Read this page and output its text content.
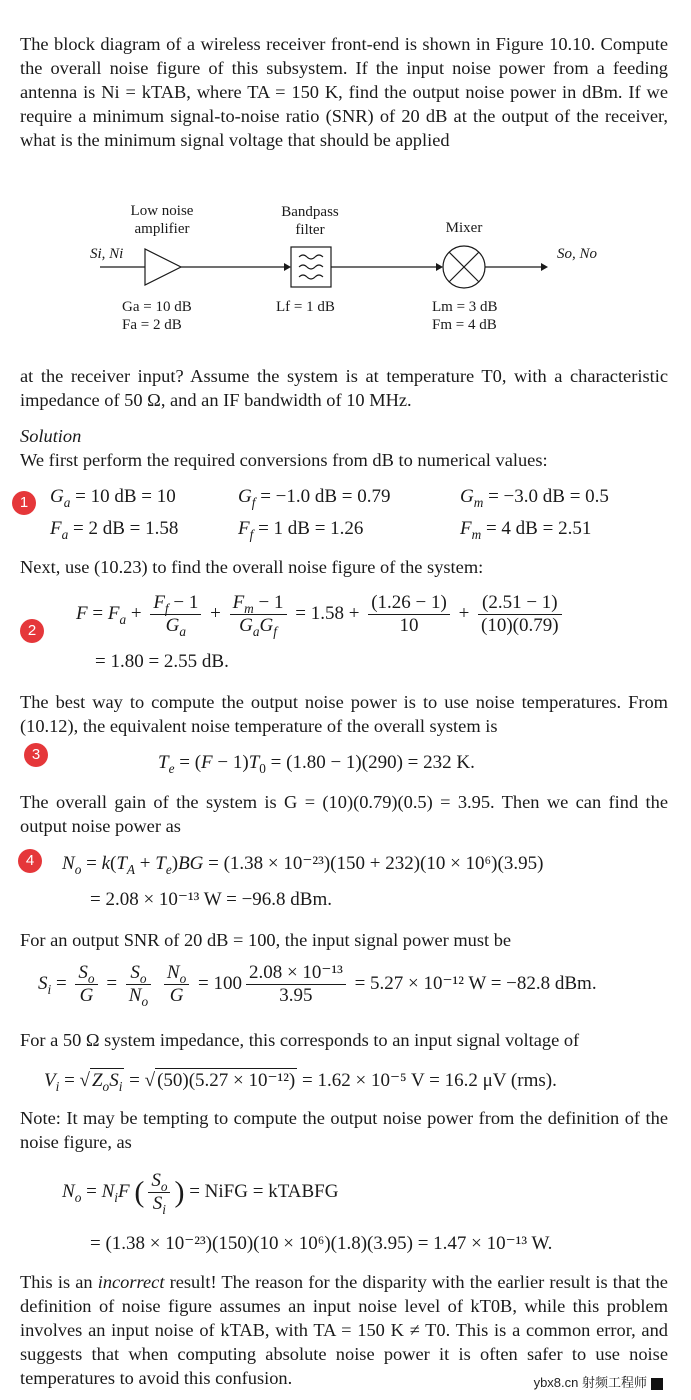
The block diagram of a wireless receiver front-end is shown in Figure 10.10. Compute the overall noise figure of this subsystem. If the input noise power from a feeding antenna is Ni = kTAB, where TA = 150 K, find the output noise power in dBm. If we require a minimum signal-to-noise ratio (SNR) of 20 dB at the output of the receiver, what is the minimum signal voltage that should be applied
Low noise
amplifier
Bandpass
filter	Mixer
Si, Ni	So, No
Ga = 10 dB
Fa = 2 dB
Lf = 1 dB	Lm = 3 dB
Fm = 4 dB
at the receiver input? Assume the system is at temperature T0, with a characteristic impedance of 50 Ω, and an IF bandwidth of 10 MHz.
Solution
We first perform the required conversions from dB to numerical values:
1	$G_a = 10$ dB = 10	$G_f = -1.0$ dB = 0.79	$G_m = -3.0$ dB = 0.5
$F_a = 2$ dB = 1.58	$F_f = 1$ dB = 1.26	$F_m = 4$ dB = 2.51
Next, use (10.23) to find the overall noise figure of the system:
2
$F = F_a + \frac{F_f - 1}{G_a} + \frac{F_m - 1}{G_aG_f} = 1.58 + \frac{(1.26 - 1)}{10} + \frac{(2.51 - 1)}{(10)(0.79)}$
= 1.80 = 2.55 dB.
The best way to compute the output noise power is to use noise temperatures. From (10.12), the equivalent noise temperature of the overall system is
3	$T_e = (F - 1)T_0 = (1.80 - 1)(290) = 232$ K.
The overall gain of the system is G = (10)(0.79)(0.5) = 3.95. Then we can find the output noise power as
4	$N_o = k(T_A + T_e)BG = (1.38 \times 10^{-23})(150 + 232)(10 \times 10^6)(3.95)$
= 2.08 × 10⁻¹³ W = −96.8 dBm.
For an output SNR of 20 dB = 100, the input signal power must be
$S_i = \frac{S_o}{G} = \frac{S_o}{N_o}$
$\frac{N_o}{G} = 100 \frac{\text{2.08 × 10⁻¹³}}{3.95} = 5.27 \times 10^{-12}$ W = −82.8 dBm.
For a 50 Ω system impedance, this corresponds to an input signal voltage of
$V_i$ = √ $Z_oS_i$ = √ (50)(5.27 × 10⁻¹²) = 1.62 × 10⁻⁵ V = 16.2 μV (rms).
Note: It may be tempting to compute the output noise power from the definition of the noise figure, as
$N_o = N_iF$ ( $\frac{S_o}{S_i}$ ) = NiFG = kTABFG
= (1.38 × 10⁻²³)(150)(10 × 10⁶)(1.8)(3.95) = 1.47 × 10⁻¹³ W.
This is an incorrect result! The reason for the disparity with the earlier result is that the definition of noise figure assumes an input noise level of kT0B, while this problem involves an input noise of kTAB, with TA = 150 K ≠ T0. This is a common error, and suggests that when computing absolute noise power it is often safer to use noise temperatures to avoid this confusion.	ybx8.cn 射频工程师
